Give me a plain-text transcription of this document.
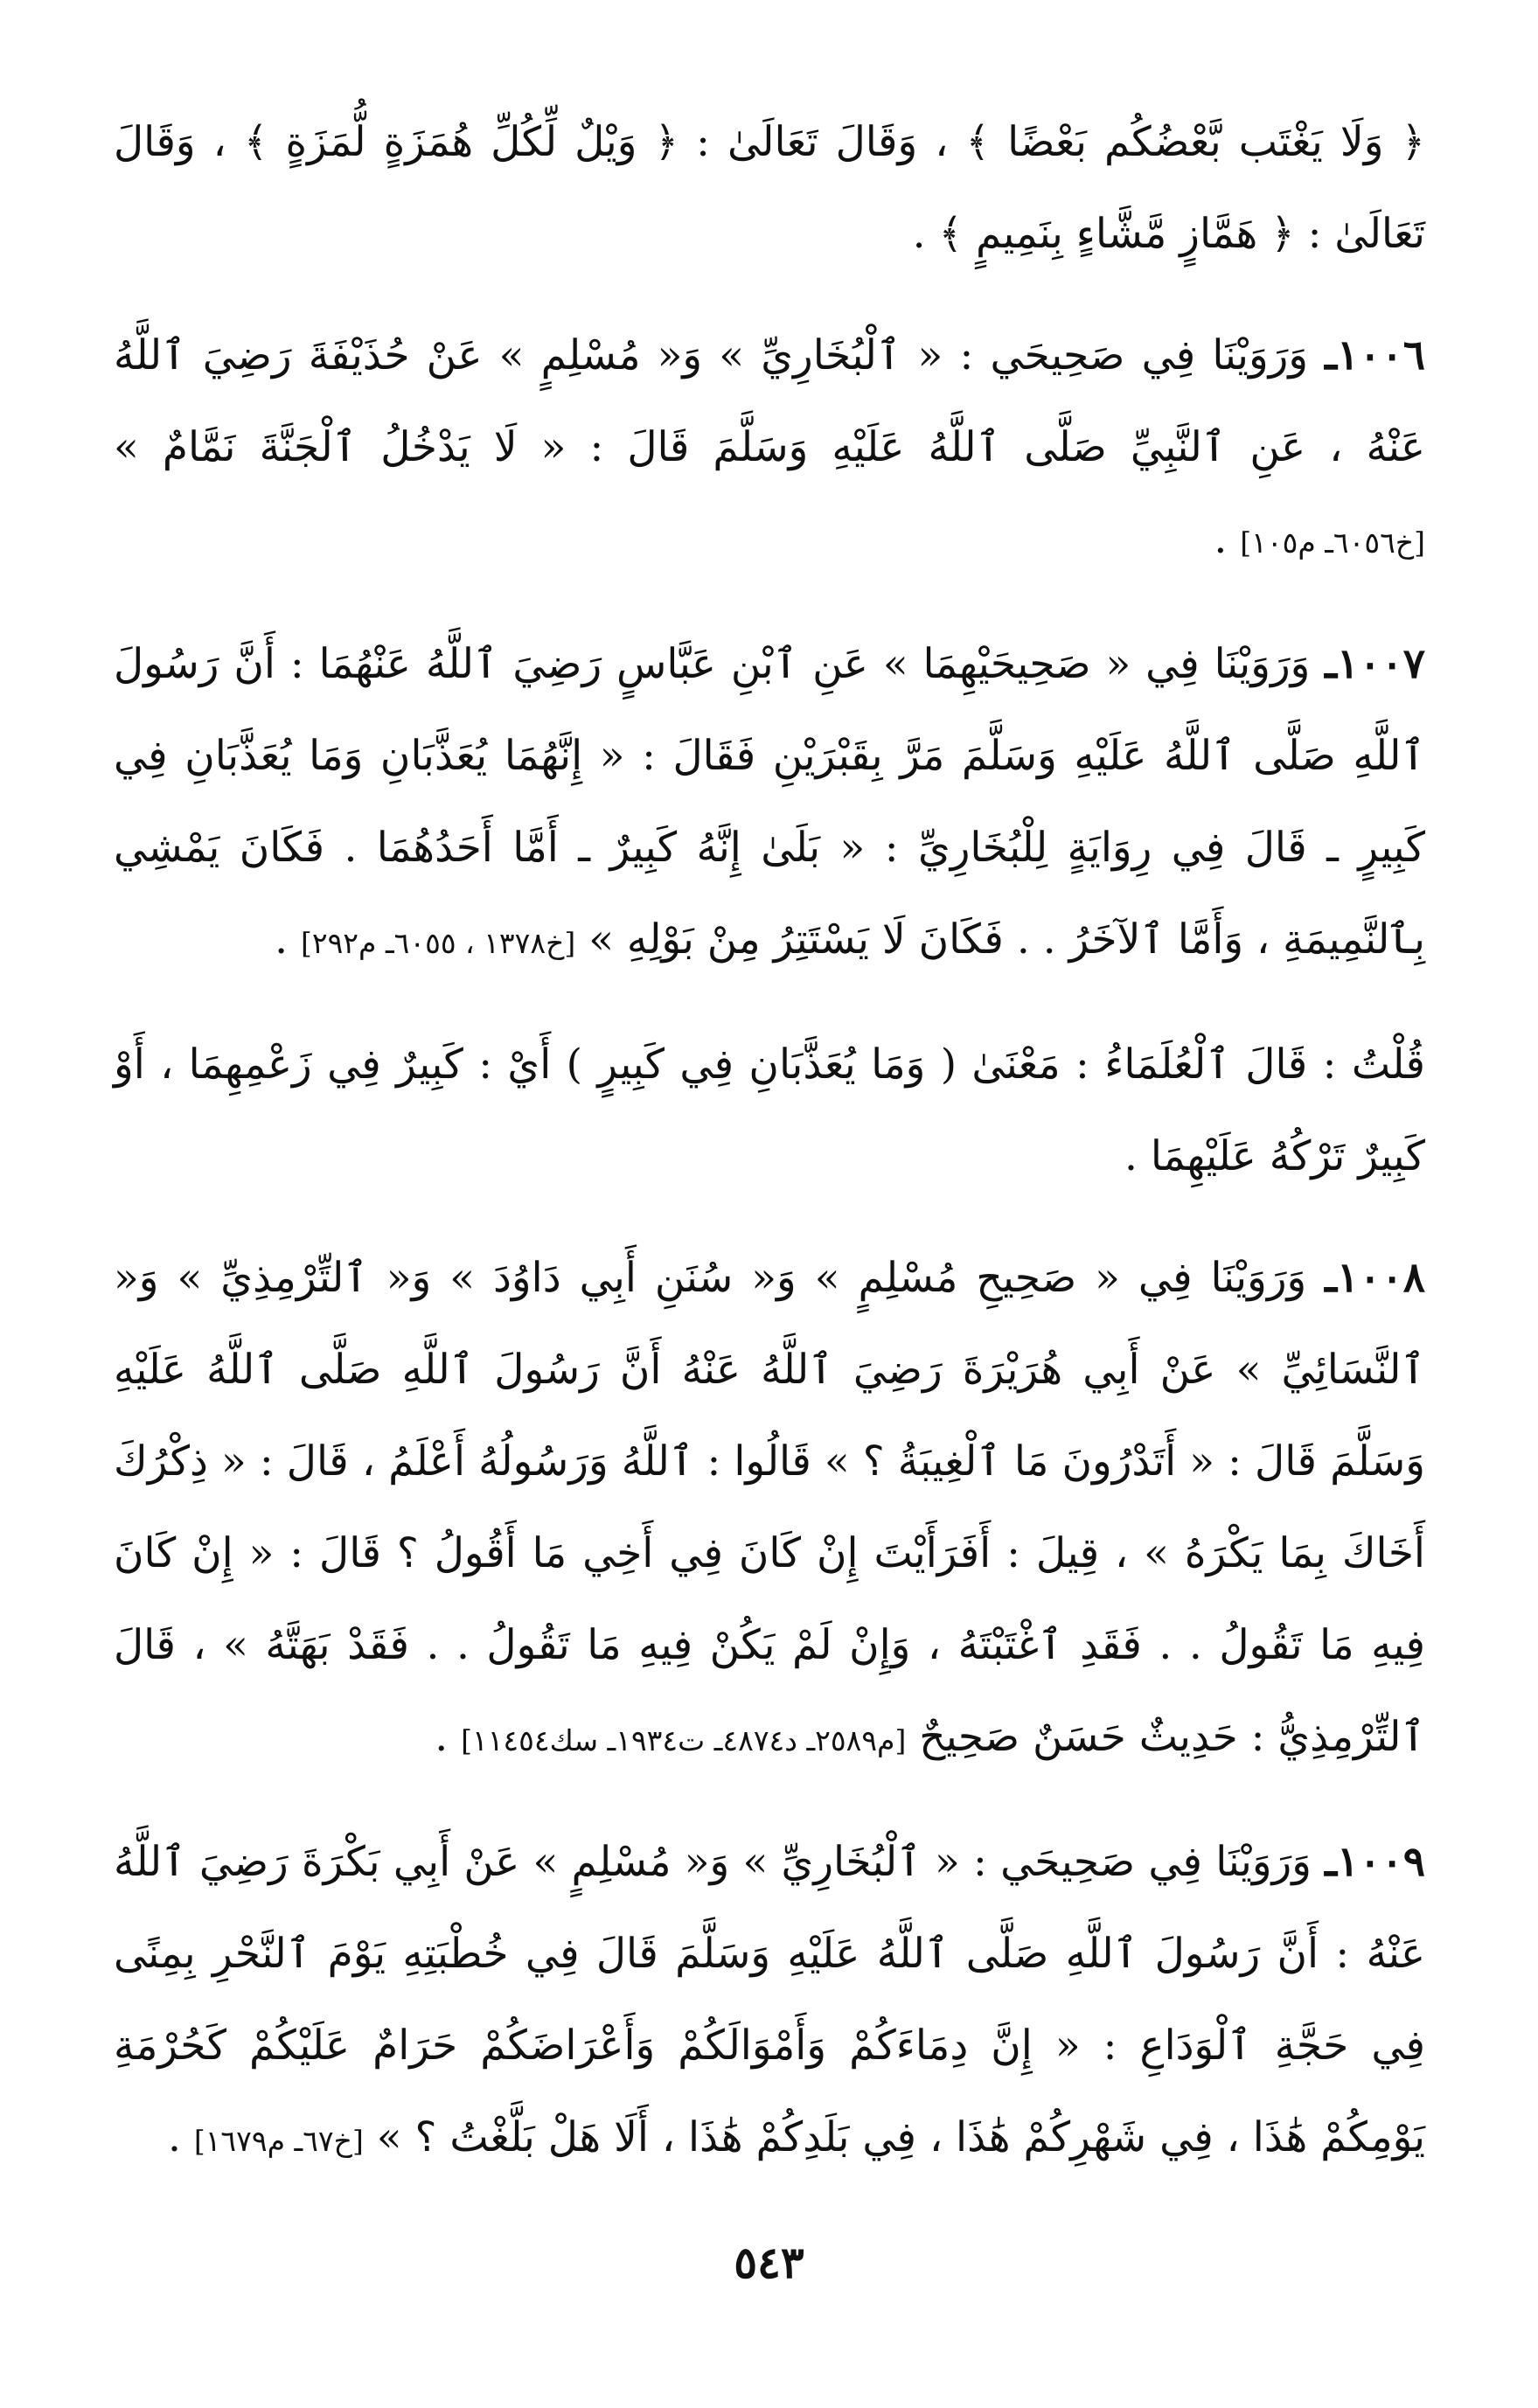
﴿ وَلَا يَغْتَب بَّعْضُكُم بَعْضًا ﴾ ، وَقَالَ تَعَالَىٰ : ﴿ وَيْلٌ لِّكُلِّ هُمَزَةٍ لُّمَزَةٍ ﴾ ، وَقَالَ تَعَالَىٰ : ﴿ هَمَّازٍ مَّشَّاءٍ بِنَمِيمٍ ﴾ .

١٠٠٦ـ وَرَوَيْنَا فِي صَحِيحَي : « ٱلْبُخَارِيِّ » وَ« مُسْلِمٍ » عَنْ حُذَيْفَةَ رَضِيَ ٱللَّهُ عَنْهُ ، عَنِ ٱلنَّبِيِّ صَلَّى ٱللَّهُ عَلَيْهِ وَسَلَّمَ قَالَ : « لَا يَدْخُلُ ٱلْجَنَّةَ نَمَّامٌ » [خ٦٠٥٦ـ م١٠٥] .

١٠٠٧ـ وَرَوَيْنَا فِي « صَحِيحَيْهِمَا » عَنِ ٱبْنِ عَبَّاسٍ رَضِيَ ٱللَّهُ عَنْهُمَا : أَنَّ رَسُولَ ٱللَّهِ صَلَّى ٱللَّهُ عَلَيْهِ وَسَلَّمَ مَرَّ بِقَبْرَيْنِ فَقَالَ : « إِنَّهُمَا يُعَذَّبَانِ وَمَا يُعَذَّبَانِ فِي كَبِيرٍ ـ قَالَ فِي رِوَايَةٍ لِلْبُخَارِيِّ : « بَلَىٰ إِنَّهُ كَبِيرٌ ـ أَمَّا أَحَدُهُمَا . فَكَانَ يَمْشِي بِٱلنَّمِيمَةِ ، وَأَمَّا ٱلآخَرُ . . فَكَانَ لَا يَسْتَتِرُ مِنْ بَوْلِهِ » [خ١٣٧٨ ، ٦٠٥٥ـ م٢٩٢] .

قُلْتُ : قَالَ ٱلْعُلَمَاءُ : مَعْنَىٰ ( وَمَا يُعَذَّبَانِ فِي كَبِيرٍ ) أَيْ : كَبِيرٌ فِي زَعْمِهِمَا ، أَوْ كَبِيرٌ تَرْكُهُ عَلَيْهِمَا .

١٠٠٨ـ وَرَوَيْنَا فِي « صَحِيحِ مُسْلِمٍ » وَ« سُنَنِ أَبِي دَاوُدَ » وَ« ٱلتِّرْمِذِيِّ » وَ« ٱلنَّسَائِيِّ » عَنْ أَبِي هُرَيْرَةَ رَضِيَ ٱللَّهُ عَنْهُ أَنَّ رَسُولَ ٱللَّهِ صَلَّى ٱللَّهُ عَلَيْهِ وَسَلَّمَ قَالَ : « أَتَدْرُونَ مَا ٱلْغِيبَةُ ؟ » قَالُوا : ٱللَّهُ وَرَسُولُهُ أَعْلَمُ ، قَالَ : « ذِكْرُكَ أَخَاكَ بِمَا يَكْرَهُ » ، قِيلَ : أَفَرَأَيْتَ إِنْ كَانَ فِي أَخِي مَا أَقُولُ ؟ قَالَ : « إِنْ كَانَ فِيهِ مَا تَقُولُ . . فَقَدِ ٱغْتَبْتَهُ ، وَإِنْ لَمْ يَكُنْ فِيهِ مَا تَقُولُ . . فَقَدْ بَهَتَّهُ » ، قَالَ ٱلتِّرْمِذِيُّ : حَدِيثٌ حَسَنٌ صَحِيحٌ [م٢٥٨٩ـ د٤٨٧٤ـ ت١٩٣٤ـ سك١١٤٥٤] .

١٠٠٩ـ وَرَوَيْنَا فِي صَحِيحَي : « ٱلْبُخَارِيِّ » وَ« مُسْلِمٍ » عَنْ أَبِي بَكْرَةَ رَضِيَ ٱللَّهُ عَنْهُ : أَنَّ رَسُولَ ٱللَّهِ صَلَّى ٱللَّهُ عَلَيْهِ وَسَلَّمَ قَالَ فِي خُطْبَتِهِ يَوْمَ ٱلنَّحْرِ بِمِنًى فِي حَجَّةِ ٱلْوَدَاعِ : « إِنَّ دِمَاءَكُمْ وَأَمْوَالَكُمْ وَأَعْرَاضَكُمْ حَرَامٌ عَلَيْكُمْ كَحُرْمَةِ يَوْمِكُمْ هَٰذَا ، فِي شَهْرِكُمْ هَٰذَا ، فِي بَلَدِكُمْ هَٰذَا ، أَلَا هَلْ بَلَّغْتُ ؟ » [خ٦٧ـ م١٦٧٩] .

٥٤٣
